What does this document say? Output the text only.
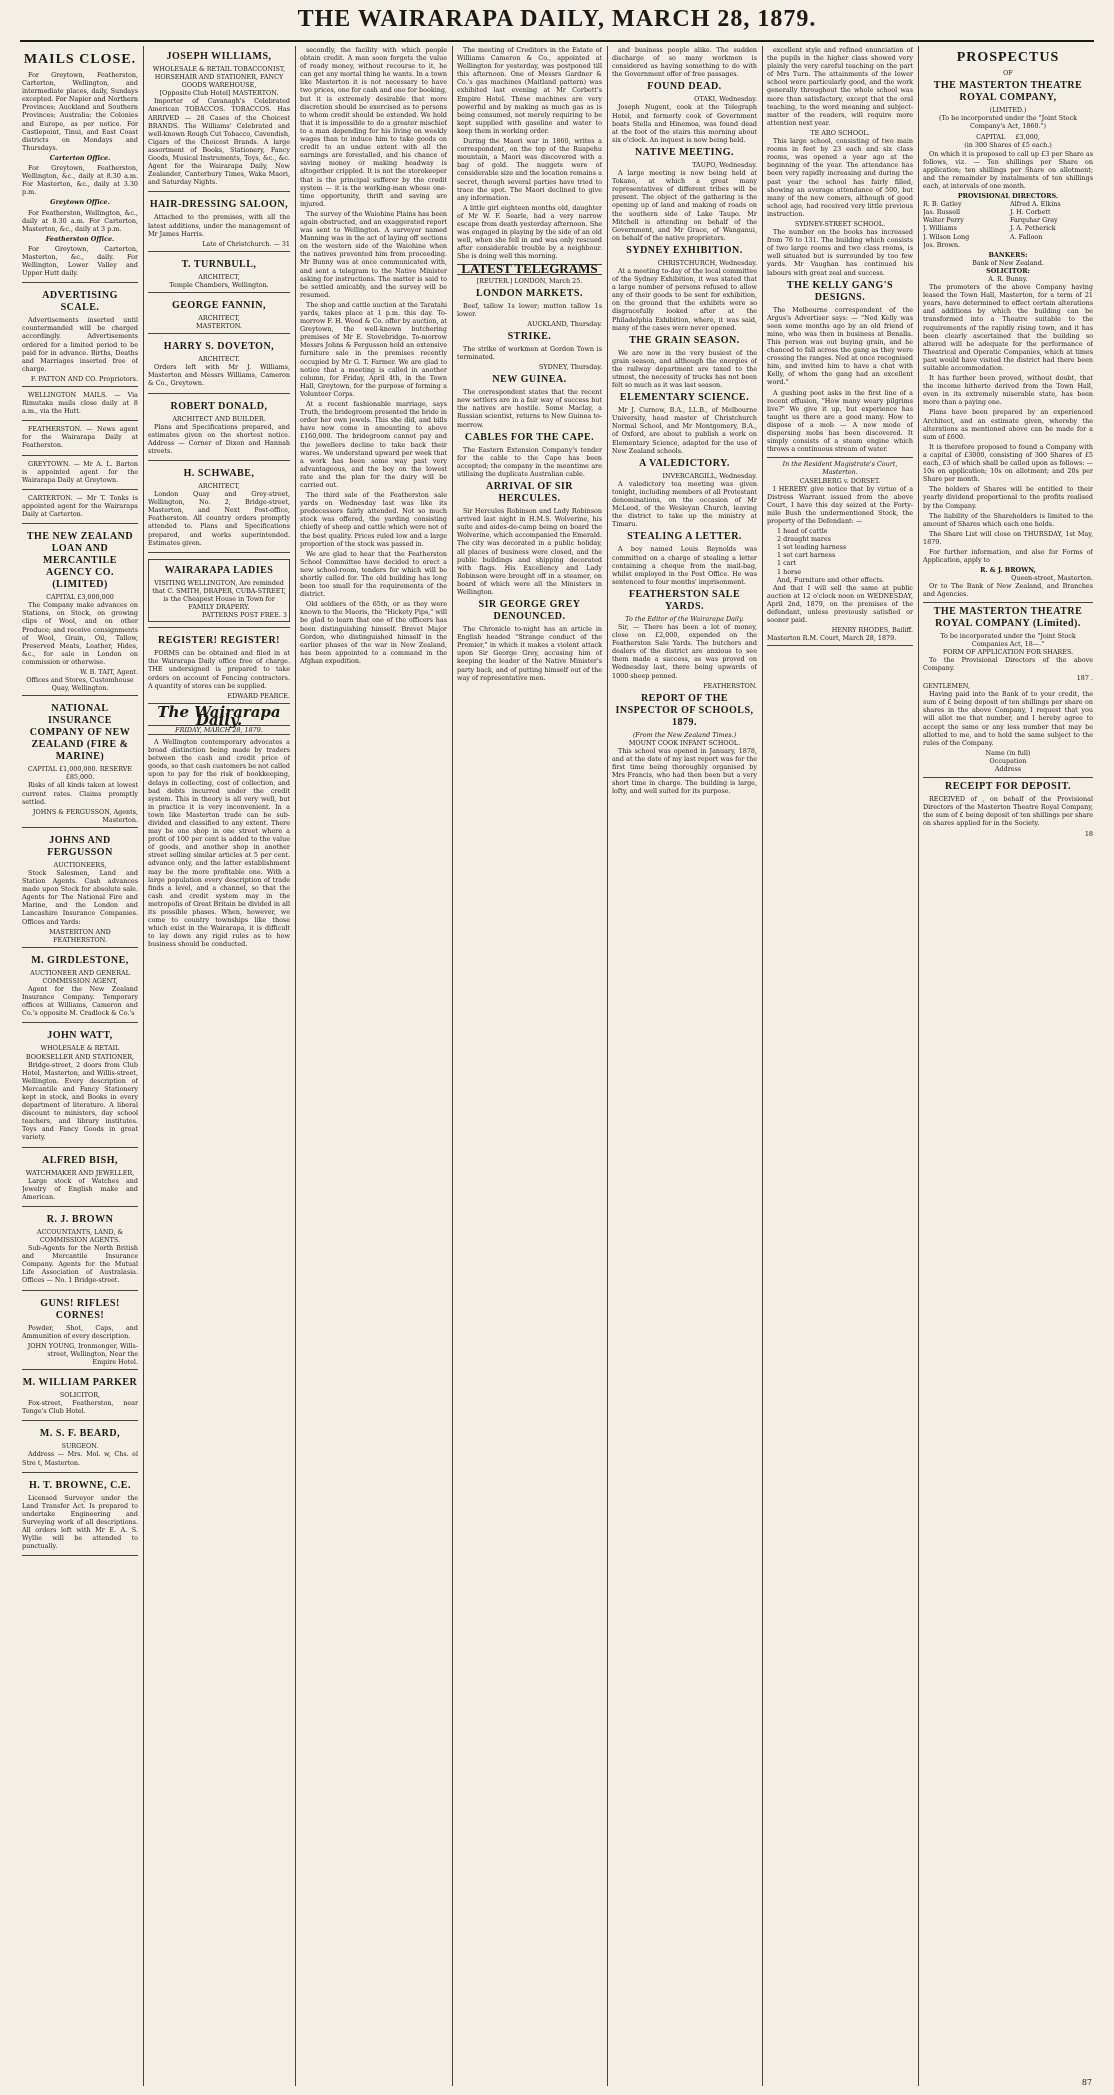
THE WAIRARAPA DAILY, MARCH 28, 1879.
MAILS CLOSE.
For Greytown, Featherston, Carterton, Wellington, and intermediate places, daily, Sundays excepted. For Napier and Northern Provinces; Auckland and Southern Provinces; Australia; the Colonies and Europe, as per notice. For Castlepoint, Tinui, and East Coast districts on Mondays and Thursdays.
Carterton Office.
For Greytown, Featherston, Wellington, &c., daily at 8.30 a.m. For Masterton, &c., daily at 3.30 p.m.
Greytown Office.
For Featherston, Wellington, &c., daily at 8.30 a.m. For Carterton, Masterton, &c., daily at 3 p.m.
Featherston Office.
For Greytown, Carterton, Masterton, &c., daily. For Wellington, Lower Valley and Upper Hutt daily.
ADVERTISING SCALE.
Advertisements inserted until countermanded will be charged accordingly. Advertisements ordered for a limited period to be paid for in advance. Births, Deaths and Marriages inserted free of charge.
F. PATTON AND CO. Proprietors.
WELLINGTON MAILS. — Via Rimutaka mails close daily at 8 a.m., via the Hutt.
FEATHERSTON. — News agent for the Wairarapa Daily at Featherston.
GREYTOWN. — Mr A. L. Barton is appointed agent for the Wairarapa Daily at Greytown.
CARTERTON. — Mr T. Tonks is appointed agent for the Wairarapa Daily at Carterton.
THE NEW ZEALAND LOAN AND MERCANTILE AGENCY CO. (LIMITED)
CAPITAL £3,000,000
The Company make advances on Stations, on Stock, on growing clips of Wool, and on other Produce; and receive consignments of Wool, Grain, Oil, Tallow, Preserved Meats, Leather, Hides, &c., for sale in London on commission or otherwise.
W. B. TAIT, Agent.
Offices and Stores, Customhouse Quay, Wellington.
NATIONAL INSURANCE COMPANY OF NEW ZEALAND (FIRE & MARINE)
CAPITAL £1,000,000. RESERVE £85,000.
Risks of all kinds taken at lowest current rates. Claims promptly settled.
JOHNS & FERGUSSON, Agents, Masterton.
JOHNS AND FERGUSSON
AUCTIONEERS,
Stock Salesmen, Land and Station Agents. Cash advances made upon Stock for absolute sale. Agents for The National Fire and Marine, and the London and Lancashire Insurance Companies. Offices and Yards:
MASTERTON AND FEATHERSTON.
M. GIRDLESTONE,
AUCTIONEER AND GENERAL COMMISSION AGENT,
Agent for the New Zealand Insurance Company. Temporary offices at Williams, Cameron and Co.'s opposite M. Cradlock & Co.'s
JOHN WATT,
WHOLESALE & RETAIL BOOKSELLER AND STATIONER,
Bridge-street, 2 doors from Club Hotel, Masterton, and Willis-street, Wellington. Every description of Mercantile and Fancy Stationery kept in stock, and Books in every department of literature. A liberal discount to ministers, day school teachers, and library institutes. Toys and Fancy Goods in great variety.
ALFRED BISH,
WATCHMAKER AND JEWELLER,
Large stock of Watches and Jewelry of English make and American.
R. J. BROWN
ACCOUNTANTS, LAND, & COMMISSION AGENTS.
Sub-Agents for the North British and Mercantile Insurance Company. Agents for the Mutual Life Association of Australasia. Offices — No. 1 Bridge-street.
GUNS! RIFLES! CORNES!
Powder, Shot, Caps, and Ammunition of every description.
JOHN YOUNG, Ironmonger, Wills-street, Wellington, Near the Empire Hotel.
M. WILLIAM PARKER
SOLICITOR,
Fox-street, Featherston, near Tonge's Club Hotel.
M. S. F. BEARD,
SURGEON.
Address — Mrs. Mol. w, Chs. el Stre t, Masterton.
H. T. BROWNE, C.E.
Licensed Surveyor under the Land Transfer Act. Is prepared to undertake Engineering and Surveying work of all descriptions. All orders left with Mr E. A. S. Wyllie will be attended to punctually.
JOSEPH WILLIAMS,
WHOLESALE & RETAIL TOBACCONIST, HORSEHAIR AND STATIONER, FANCY GOODS WAREHOUSE,
[Opposite Club Hotel] MASTERTON.
Importer of Cavanagh's Celebrated American TOBACCOS. TOBACCOS. Has ARRIVED — 28 Cases of the Choicest BRANDS. The Williams' Celebrated and well-known Rough Cut Tobacco, Cavendish, Cigars of the Choicest Brands. A large assortment of Books, Stationery, Fancy Goods, Musical Instruments, Toys, &c., &c. Agent for the Wairarapa Daily, New Zealander, Canterbury Times, Waka Maori, and Saturday Nights.
HAIR-DRESSING SALOON,
Attached to the premises, with all the latest additions, under the management of Mr James Harris.
Late of Christchurch. — 31
T. TURNBULL,
ARCHITECT,
Temple Chambers, Wellington.
GEORGE FANNIN,
ARCHITECT,
MASTERTON.
HARRY S. DOVETON,
ARCHITECT.
Orders left with Mr J. Williams, Masterton and Messrs Williams, Cameron & Co., Greytown.
ROBERT DONALD,
ARCHITECT AND BUILDER.
Plans and Specifications prepared, and estimates given on the shortest notice. Address — Corner of Dixon and Hannah streets.
H. SCHWABE,
ARCHITECT,
London Quay and Grey-street, Wellington, No. 2, Bridge-street, Masterton, and Next Post-office, Featherston. All country orders promptly attended to. Plans and Specifications prepared, and works superintended. Estimates given.
WAIRARAPA LADIES
VISITING WELLINGTON, Are reminded that C. SMITH, DRAPER, CUBA-STREET, is the Cheapest House in Town for FAMILY DRAPERY.
PATTERNS POST FREE. 3
REGISTER! REGISTER!
FORMS can be obtained and filed in at the Wairarapa Daily office free of charge. THE undersigned is prepared to take orders on account of Fencing contractors. A quantity of stores can be supplied.
EDWARD PEARCE.
The Wairarapa Daily.
FRIDAY, MARCH 28, 1879.
A Wellington contemporary advocates a broad distinction being made by traders between the cash and credit price of goods, so that cash customers be not called upon to pay for the risk of bookkeeping, delays in collecting, cost of collection, and bad debts incurred under the credit system. This in theory is all very well, but in practice it is very inconvenient. In a town like Masterton trade can be sub-divided and classified to any extent. There may be one shop in one street where a profit of 100 per cent is added to the value of goods, and another shop in another street selling similar articles at 5 per cent. advance only, and the latter establishment may be the more profitable one. With a large population every description of trade finds a level, and a channel, so that the cash and credit system may in the metropolis of Great Britain be divided in all its possible phases. When, however, we come to country townships like those which exist in the Wairarapa, it is difficult to lay down any rigid rules as to how business should be conducted.
secondly, the facility with which people obtain credit. A man soon forgets the value of ready money, without recourse to it, he can get any mortal thing he wants. In a town like Masterton it is not necessary to have two prices, one for cash and one for booking, but it is extremely desirable that more discretion should be exercised as to persons to whom credit should be extended. We hold that it is impossible to do a greater mischief to a man depending for his living on weekly wages than to induce him to take goods on credit to an undue extent with all the earnings are forestalled, and his chance of saving money or making headway is altogether crippled. It is not the storekeeper that is the principal sufferer by the credit system — it is the working-man whose one-time opportunity, thrift and saving are injured.
The survey of the Waiohine Plains has been again obstructed, and an exaggerated report was sent to Wellington. A surveyor named Manning was in the act of laying off sections on the western side of the Waiohine when the natives prevented him from proceeding. Mr Bunny was at once communicated with, and sent a telegram to the Native Minister asking for instructions. The matter is said to be settled amicably, and the survey will be resumed.
The shop and cattle auction at the Taratahi yards, takes place at 1 p.m. this day. To-morrow F. H. Wood & Co. offer by auction, at Greytown, the well-known butchering premises of Mr E. Stovebridge. To-morrow Messrs Johns & Fergusson hold an extensive furniture sale in the premises recently occupied by Mr G. T. Farmer. We are glad to notice that a meeting is called in another column, for Friday, April 4th, in the Town Hall, Greytown, for the purpose of forming a Volunteer Corps.
At a recent fashionable marriage, says Truth, the bridegroom presented the bride in order her own jewels. This she did, and bills have now come in amounting to above £160,000. The bridegroom cannot pay and the jewellers decline to take back their wares. We understand upward per week that a work has been some way past very advantageous, and the boy on the lowest rate and the plan for the dairy will be carried out.
The third sale of the Featherston sale yards on Wednesday last was like its predecessors fairly attended. Not so much stock was offered, the yarding consisting chiefly of sheep and cattle which were not of the best quality. Prices ruled low and a large proportion of the stock was passed in.
We are glad to hear that the Featherston School Committee have decided to erect a new school-room, tenders for which will be shortly called for. The old building has long been too small for the requirements of the district.
Old soldiers of the 65th, or as they were known to the Maoris, the "Hickety Pips," will be glad to learn that one of the officers has been distinguishing himself. Brevet Major Gordon, who distinguished himself in the earlier phases of the war in New Zealand, has been appointed to a command in the Afghan expedition.
The meeting of Creditors in the Estate of Williams Cameron & Co., appointed at Wellington for yesterday, was postponed till this afternoon. One of Messrs Gardner & Co.'s gas machines (Maitland pattern) was exhibited last evening at Mr Corbett's Empire Hotel. These machines are very powerful and by making as much gas as is being consumed, not merely requiring to be kept supplied with gasoline and water to keep them in working order.
During the Maori war in 1860, writes a correspondent, on the top of the Ruapehu mountain, a Maori was discovered with a bag of gold. The nuggets were of considerable size and the location remains a secret, though several parties have tried to trace the spot. The Maori declined to give any information.
A little girl eighteen months old, daughter of Mr W. F. Searle, had a very narrow escape from death yesterday afternoon. She was engaged in playing by the side of an old well, when she fell in and was only rescued after considerable trouble by a neighbour. She is doing well this morning.
LATEST TELEGRAMS
[REUTER.] LONDON, March 25.
LONDON MARKETS.
Beef, tallow 1s lower; mutton tallow 1s lower.
AUCKLAND, Thursday.
STRIKE.
The strike of workmen at Gordon Town is terminated.
SYDNEY, Thursday.
NEW GUINEA.
The correspondent states that the recent new settlers are in a fair way of success but the natives are hostile. Some Maclay, a Russian scientist, returns to New Guinea to-morrow.
CABLES FOR THE CAPE.
The Eastern Extension Company's tender for the cable to the Cape has been accepted; the company in the meantime are utilising the duplicate Australian cable.
ARRIVAL OF SIR HERCULES.
Sir Hercules Robinson and Lady Robinson arrived last night in H.M.S. Wolverine, his suite and aides-de-camp being on board the Wolverine, which accompanied the Emerald. The city was decorated in a public holiday, all places of business were closed, and the public buildings and shipping decorated with flags. His Excellency and Lady Robinson were brought off in a steamer, on board of which were all the Ministers in Wellington.
SIR GEORGE GREY DENOUNCED.
The Chronicle to-night has an article in English headed "Strange conduct of the Premier," in which it makes a violent attack upon Sir George Grey, accusing him of keeping the leader of the Native Minister's party back, and of putting himself out of the way of representative men.
and business people alike. The sudden discharge of so many workmen is considered as having something to do with the Government offer of free passages.
FOUND DEAD.
OTAKI, Wednesday.
Joseph Nugent, cook at the Telegraph Hotel, and formerly cook of Government boats Stella and Hinemoa, was found dead at the foot of the stairs this morning about six o'clock. An inquest is now being held.
NATIVE MEETING.
TAUPO, Wednesday.
A large meeting is now being held at Tokano, at which a great many representatives of different tribes will be present. The object of the gathering is the opening up of land and making of roads on the southern side of Lake Taupo. Mr Mitchell is attending on behalf of the Government, and Mr Grace, of Wanganui, on behalf of the native proprietors.
SYDNEY EXHIBITION.
CHRISTCHURCH, Wednesday.
At a meeting to-day of the local committee of the Sydney Exhibition, it was stated that a large number of persons refused to allow any of their goods to be sent for exhibition, on the ground that the exhibits were so disgracefully looked after at the Philadelphia Exhibition, where, it was said, many of the cases were never opened.
THE GRAIN SEASON.
We are now in the very busiest of the grain season, and although the energies of the railway department are taxed to the utmost, the necessity of trucks has not been felt so much as it was last season.
ELEMENTARY SCIENCE.
Mr J. Curnow, B.A., LL.B., of Melbourne University, head master of Christchurch Normal School, and Mr Montgomery, B.A., of Oxford, are about to publish a work on Elementary Science, adapted for the use of New Zealand schools.
A VALEDICTORY.
INVERCARGILL, Wednesday.
A valedictory tea meeting was given tonight, including members of all Protestant denominations, on the occasion of Mr McLeod, of the Wesleyan Church, leaving the district to take up the ministry at Timaru.
STEALING A LETTER.
A boy named Louis Reynolds was committed on a charge of stealing a letter containing a cheque from the mail-bag, whilst employed in the Post Office. He was sentenced to four months' imprisonment.
FEATHERSTON SALE YARDS.
To the Editor of the Wairarapa Daily.
Sir, — There has been a lot of money, close on £2,000, expended on the Featherston Sale Yards. The butchers and dealers of the district are anxious to see them made a success, as was proved on Wednesday last, there being upwards of 1000 sheep penned.
FEATHERSTON.
REPORT OF THE INSPECTOR OF SCHOOLS, 1879.
(From the New Zealand Times.)
MOUNT COOK INFANT SCHOOL.
This school was opened in January, 1878, and at the date of my last report was for the first time being thoroughly organised by Mrs Francis, who had then been but a very short time in charge. The building is large, lofty, and well suited for its purpose.
excellent style and refined enunciation of the pupils in the higher class showed very plainly the very careful teaching on the part of Mrs Turn. The attainments of the lower school were particularly good, and the work generally throughout the whole school was more than satisfactory, except that the oral teaching, to the word meaning and subject-matter of the readers, will require more attention next year.
TE ARO SCHOOL.
This large school, consisting of two main rooms in feet by 23 each and six class rooms, was opened a year ago at the beginning of the year. The attendance has been very rapidly increasing and during the past year the school has fairly filled, showing an average attendance of 500, but many of the new comers, although of good school age, had received very little previous instruction.
SYDNEY-STREET SCHOOL.
The number on the books has increased from 76 to 131. The building which consists of two large rooms and two class rooms, is well situated but is surrounded by too few yards. Mr Vaughan has continued his labours with great zeal and success.
THE KELLY GANG'S DESIGNS.
The Melbourne correspondent of the Argus's Advertiser says: — "Ned Kelly was seen some months ago by an old friend of mine, who was then in business at Benalla. This person was out buying grain, and he chanced to fall across the gang as they were crossing the ranges. Ned at once recognised him, and invited him to have a chat with Kelly, of whom the gang had an excellent word."
A gushing poet asks in the first line of a recent effusion, "How many weary pilgrims live?" We give it up, but experience has taught us there are a good many. How to dispose of a mob — A new mode of dispersing mobs has been discovered. It simply consists of a steam engine which throws a continuous stream of water.
In the Resident Magistrate's Court, Masterton.
CASELBERG v. DORSET.
I HEREBY give notice that by virtue of a Distress Warrant issued from the above Court, I have this day seized at the Forty-mile Bush the undermentioned Stock, the property of the Defendant: —
1 head of cattle
2 draught mares
1 set leading harness
1 set cart harness
1 cart
1 horse
And, Furniture and other effects.
And that I will sell the same at public auction at 12 o'clock noon on WEDNESDAY, April 2nd, 1879, on the premises of the defendant, unless previously satisfied or sooner paid.
HENRY RHODES, Bailiff.
Masterton R.M. Court, March 28, 1879.
PROSPECTUS
OF
THE MASTERTON THEATRE ROYAL COMPANY,
(LIMITED.)
(To be incorporated under the "Joint Stock Company's Act, 1860.")
CAPITAL £3,000,
(in 300 Shares of £5 each.)
On which it is proposed to call up £3 per Share as follows, viz. — Ten shillings per Share on application; ten shillings per Share on allotment; and the remainder by instalments of ten shillings each, at intervals of one month.
PROVISIONAL DIRECTORS.
R. B. Gatley	Alfred A. Elkins
Jas. Russell	J. H. Corbett
Walter Perry	Farquhar Gray
J. Williams	J. A. Petherick
J. Wilson Long	A. Falloon
Jos. Brown.
BANKERS:
Bank of New Zealand.
SOLICITOR:
A. R. Bunny.
The promoters of the above Company having leased the Town Hall, Masterton, for a term of 21 years, have determined to effect certain alterations and additions by which the building can be transformed into a Theatre suitable to the requirements of the rapidly rising town, and it has been clearly ascertained that the building so altered will be adequate for the performance of Theatrical and Operatic Companies, which at times past would have visited the district had there been suitable accommodation.
It has further been proved, without doubt, that the income hitherto derived from the Town Hall, even in its extremely miserable state, has been more than a paying one.
Plans have been prepared by an experienced Architect, and an estimate given, whereby the alterations as mentioned above can be made for a sum of £600.
It is therefore proposed to found a Company with a capital of £3000, consisting of 300 Shares of £5 each, £3 of which shall be called upon as follows: — 10s on application; 10s on allotment; and 20s per Share per month.
The holders of Shares will be entitled to their yearly dividend proportional to the profits realised by the Company.
The liability of the Shareholders is limited to the amount of Shares which each one holds.
The Share List will close on THURSDAY, 1st May, 1879.
For further information, and also for Forms of Application, apply to
R. & J. BROWN,
Queen-street, Masterton.
Or to The Bank of New Zealand, and Branches and Agencies.
THE MASTERTON THEATRE ROYAL COMPANY (Limited).
To be incorporated under the "Joint Stock Companies Act, 18—."
FORM OF APPLICATION FOR SHARES.
To the Provisional Directors of the above Company.
187 .
GENTLEMEN,
Having paid into the Bank of to your credit, the sum of £ being deposit of ten shillings per share on shares in the above Company, I request that you will allot me that number, and I hereby agree to accept the same or any less number that may be allotted to me, and to hold the same subject to the rules of the Company.
Name (in full)
Occupation
Address
RECEIPT FOR DEPOSIT.
RECEIVED of , on behalf of the Provisional Directors of the Masterton Theatre Royal Company, the sum of £ being deposit of ten shillings per share on shares applied for in the Society.
18
87
